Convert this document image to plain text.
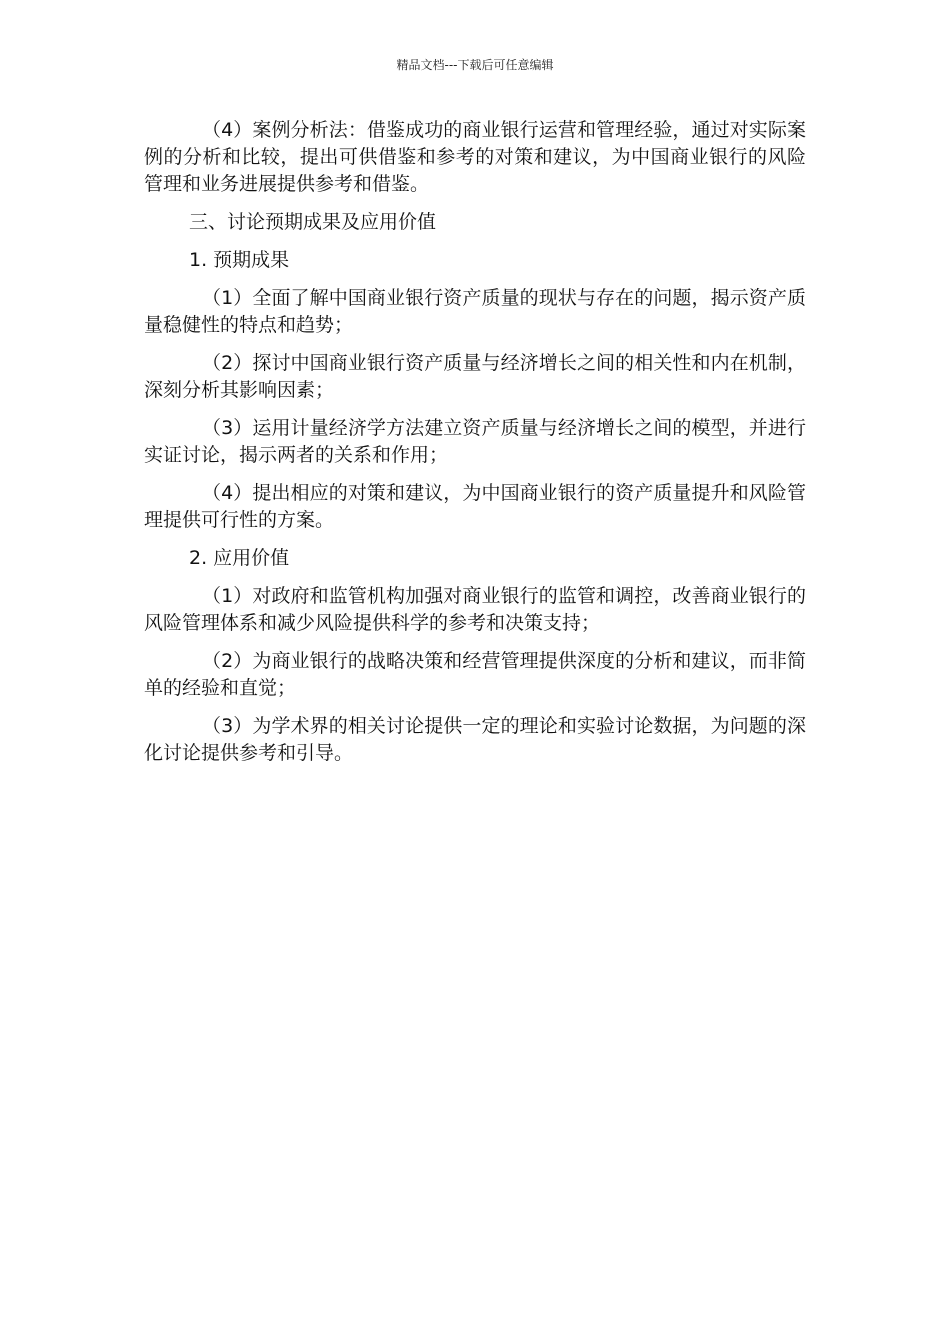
精品文档---下载后可任意编辑

（4）案例分析法：借鉴成功的商业银行运营和管理经验，通过对实际案例的分析和比较，提出可供借鉴和参考的对策和建议，为中国商业银行的风险管理和业务进展提供参考和借鉴。

三、讨论预期成果及应用价值

1. 预期成果

（1）全面了解中国商业银行资产质量的现状与存在的问题，揭示资产质量稳健性的特点和趋势；

（2）探讨中国商业银行资产质量与经济增长之间的相关性和内在机制，深刻分析其影响因素；

（3）运用计量经济学方法建立资产质量与经济增长之间的模型，并进行实证讨论，揭示两者的关系和作用；

（4）提出相应的对策和建议，为中国商业银行的资产质量提升和风险管理提供可行性的方案。

2. 应用价值

（1）对政府和监管机构加强对商业银行的监管和调控，改善商业银行的风险管理体系和减少风险提供科学的参考和决策支持；

（2）为商业银行的战略决策和经营管理提供深度的分析和建议，而非简单的经验和直觉；

（3）为学术界的相关讨论提供一定的理论和实验讨论数据，为问题的深化讨论提供参考和引导。
